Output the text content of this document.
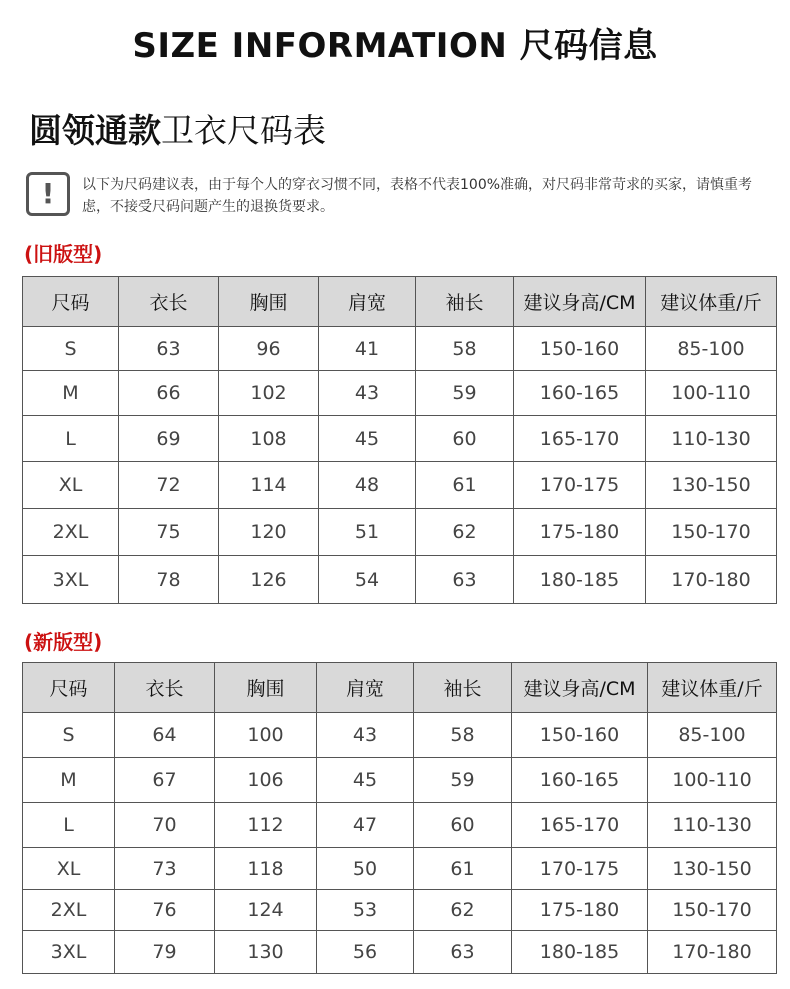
SIZE INFORMATION 尺码信息
圆领通款卫衣尺码表
! 以下为尺码建议表，由于每个人的穿衣习惯不同，表格不代表100%准确，对尺码非常苛求的买家，请慎重考虑，不接受尺码问题产生的退换货要求。
(旧版型)
尺码	衣长	胸围	肩宽	袖长	建议身高/CM	建议体重/斤
S	63	96	41	58	150-160	85-100
M	66	102	43	59	160-165	100-110
L	69	108	45	60	165-170	110-130
XL	72	114	48	61	170-175	130-150
2XL	75	120	51	62	175-180	150-170
3XL	78	126	54	63	180-185	170-180
(新版型)
尺码	衣长	胸围	肩宽	袖长	建议身高/CM	建议体重/斤
S	64	100	43	58	150-160	85-100
M	67	106	45	59	160-165	100-110
L	70	112	47	60	165-170	110-130
XL	73	118	50	61	170-175	130-150
2XL	76	124	53	62	175-180	150-170
3XL	79	130	56	63	180-185	170-180
